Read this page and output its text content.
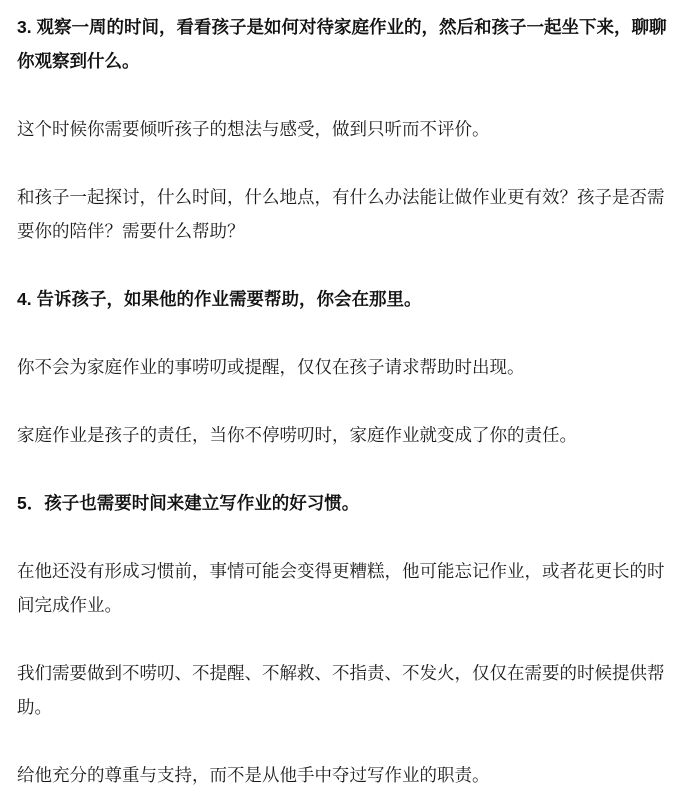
3. 观察一周的时间，看看孩子是如何对待家庭作业的，然后和孩子一起坐下来，聊聊你观察到什么。

这个时候你需要倾听孩子的想法与感受，做到只听而不评价。

和孩子一起探讨，什么时间，什么地点，有什么办法能让做作业更有效？孩子是否需要你的陪伴？需要什么帮助？

4. 告诉孩子，如果他的作业需要帮助，你会在那里。

你不会为家庭作业的事唠叨或提醒，仅仅在孩子请求帮助时出现。

家庭作业是孩子的责任，当你不停唠叨时，家庭作业就变成了你的责任。

5．孩子也需要时间来建立写作业的好习惯。

在他还没有形成习惯前，事情可能会变得更糟糕，他可能忘记作业，或者花更长的时间完成作业。

我们需要做到不唠叨、不提醒、不解救、不指责、不发火，仅仅在需要的时候提供帮助。

给他充分的尊重与支持，而不是从他手中夺过写作业的职责。
